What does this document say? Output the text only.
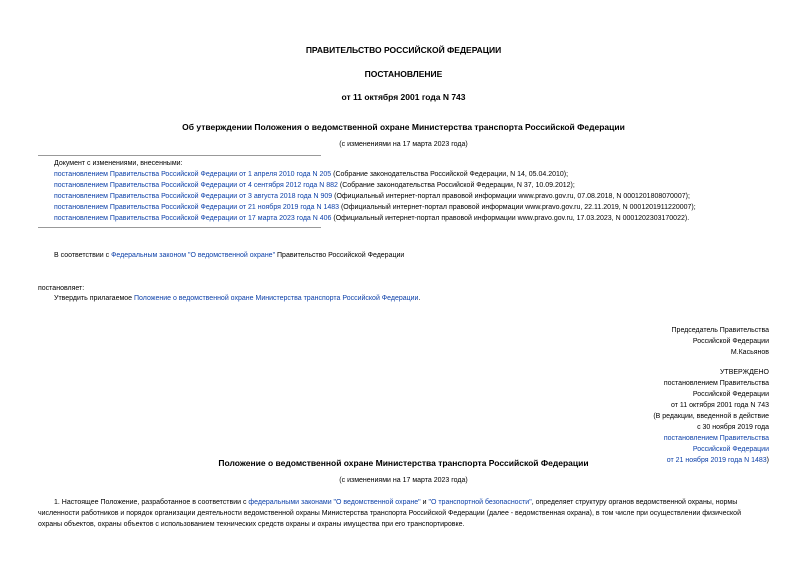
ПРАВИТЕЛЬСТВО РОССИЙСКОЙ ФЕДЕРАЦИИ
ПОСТАНОВЛЕНИЕ
от 11 октября 2001 года N 743
Об утверждении Положения о ведомственной охране Министерства транспорта Российской Федерации
(с изменениями на 17 марта 2023 года)
Документ с изменениями, внесенными:
постановлением Правительства Российской Федерации от 1 апреля 2010 года N 205 (Собрание законодательства Российской Федерации, N 14, 05.04.2010);
постановлением Правительства Российской Федерации от 4 сентября 2012 года N 882 (Собрание законодательства Российской Федерации, N 37, 10.09.2012);
постановлением Правительства Российской Федерации от 3 августа 2018 года N 909 (Официальный интернет-портал правовой информации www.pravo.gov.ru, 07.08.2018, N 0001201808070007);
постановлением Правительства Российской Федерации от 21 ноября 2019 года N 1483 (Официальный интернет-портал правовой информации www.pravo.gov.ru, 22.11.2019, N 0001201911220007);
постановлением Правительства Российской Федерации от 17 марта 2023 года N 406 (Официальный интернет-портал правовой информации www.pravo.gov.ru, 17.03.2023, N 0001202303170022).
В соответствии с Федеральным законом "О ведомственной охране" Правительство Российской Федерации
постановляет:
Утвердить прилагаемое Положение о ведомственной охране Министерства транспорта Российской Федерации.
Председатель Правительства
Российской Федерации
М.Касьянов
УТВЕРЖДЕНО
постановлением Правительства
Российской Федерации
от 11 октября 2001 года N 743
(В редакции, введенной в действие
с 30 ноября 2019 года
постановлением Правительства
Российской Федерации
от 21 ноября 2019 года N 1483)
Положение о ведомственной охране Министерства транспорта Российской Федерации
(с изменениями на 17 марта 2023 года)
1. Настоящее Положение, разработанное в соответствии с федеральными законами "О ведомственной охране" и "О транспортной безопасности", определяет структуру органов ведомственной охраны, нормы
численности работников и порядок организации деятельности ведомственной охраны Министерства транспорта Российской Федерации (далее - ведомственная охрана), в том числе при осуществлении физической
охраны объектов, охраны объектов с использованием технических средств охраны и охраны имущества при его транспортировке.
